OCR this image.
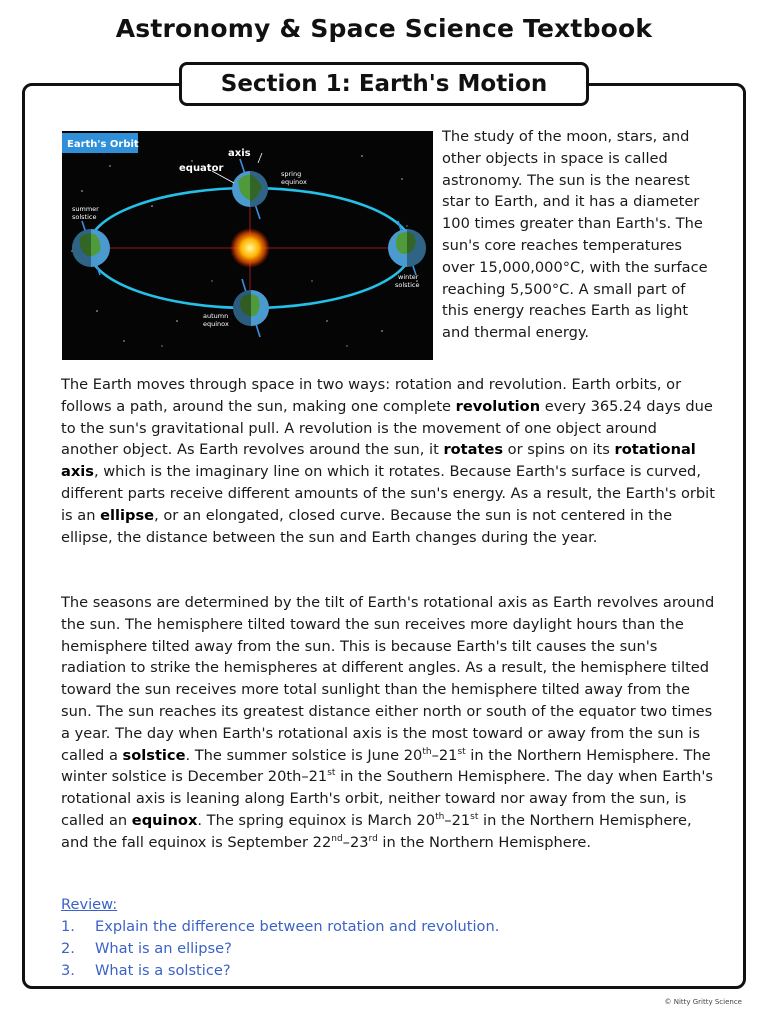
Astronomy & Space Science Textbook
Section 1: Earth's Motion
Earth's Orbit
axis
equator	spring
equinox
summer
solstice
winter
solstice
autumn
equinox
The study of the moon, stars, and other objects in space is called astronomy. The sun is the nearest star to Earth, and it has a diameter 100 times greater than Earth's. The sun's core reaches temperatures over 15,000,000°C, with the surface reaching 5,500°C. A small part of this energy reaches Earth as light and thermal energy.
The Earth moves through space in two ways: rotation and revolution. Earth orbits, or follows a path, around the sun, making one complete revolution every 365.24 days due to the sun's gravitational pull. A revolution is the movement of one object around another object. As Earth revolves around the sun, it rotates or spins on its rotational axis, which is the imaginary line on which it rotates. Because Earth's surface is curved, different parts receive different amounts of the sun's energy. As a result, the Earth's orbit is an ellipse, or an elongated, closed curve. Because the sun is not centered in the ellipse, the distance between the sun and Earth changes during the year.
The seasons are determined by the tilt of Earth's rotational axis as Earth revolves around the sun. The hemisphere tilted toward the sun receives more daylight hours than the hemisphere tilted away from the sun. This is because Earth's tilt causes the sun's radiation to strike the hemispheres at different angles. As a result, the hemisphere tilted toward the sun receives more total sunlight than the hemisphere tilted away from the sun. The sun reaches its greatest distance either north or south of the equator two times a year. The day when Earth's rotational axis is the most toward or away from the sun is called a solstice. The summer solstice is June 20th–21st in the Northern Hemisphere. The winter solstice is December 20th–21st in the Southern Hemisphere. The day when Earth's rotational axis is leaning along Earth's orbit, neither toward nor away from the sun, is called an equinox. The spring equinox is March 20th–21st in the Northern Hemisphere, and the fall equinox is September 22nd–23rd in the Northern Hemisphere.
Review:
1.	Explain the difference between rotation and revolution.
2.	What is an ellipse?
3.	What is a solstice?
© Nitty Gritty Science
